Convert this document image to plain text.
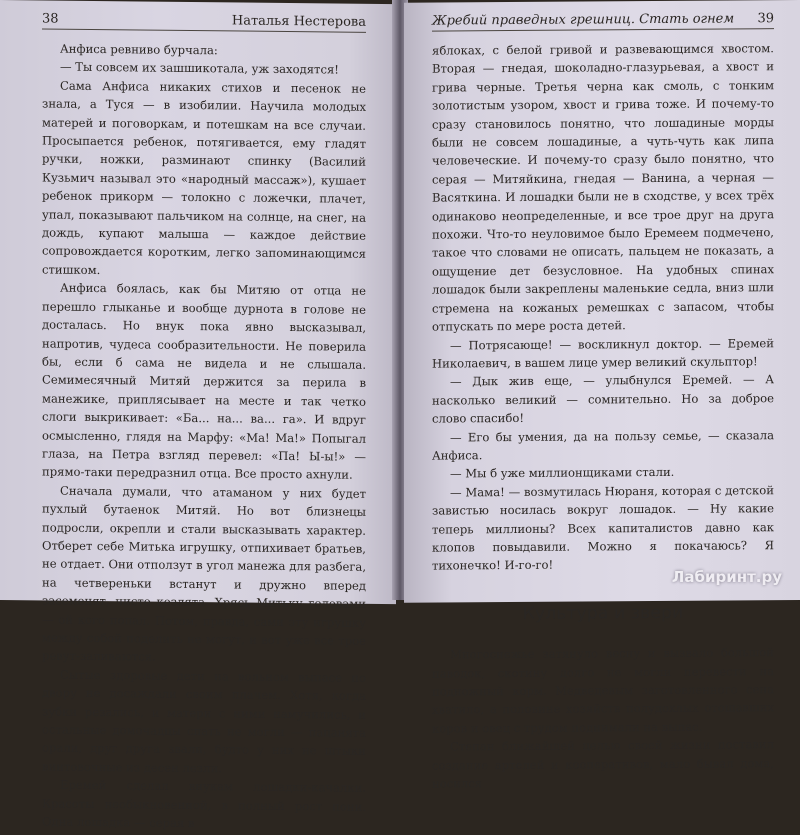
38	Наталья Нестерова

Анфиса ревниво бурчала:

— Ты совсем их зашшикотала, уж заходятся!

Сама Анфиса никаких стихов и песенок не знала, а Туся — в изобилии. Научила молодых матерей и поговоркам, и потешкам на все случаи. Просыпается ребенок, потягивается, ему гладят ручки, ножки, разминают спинку (Василий Кузьмич называл это «народный массаж»), кушает ребенок прикорм — толокно с ложечки, плачет, упал, показывают пальчиком на солнце, на снег, на дождь, купают малыша — каждое действие сопровождается коротким, легко запоминающимся стишком.

Анфиса боялась, как бы Митяю от отца не перешло глыканье и вообще дурнота в голове не досталась. Но внук пока явно высказывал, напротив, чудеса сообразительности. Не поверила бы, если б сама не видела и не слышала. Семимесячный Митяй держится за перила в манежике, приплясывает на месте и так четко слоги выкрикивает: «Ба... на... ва... га». И вдруг осмысленно, глядя на Марфу: «Ма! Ма!» Попыгал глаза, на Петра взгляд перевел: «Па! Ы-ы!» — прямо-таки передразнил отца. Все просто ахнули.

Сначала думали, что атаманом у них будет пухлый бутаенок Митяй. Но вот близнецы подросли, окрепли и стали высказывать характер. Отберет себе Митька игрушку, отпихивает братьев, не отдает. Они отползут в угол манежа для разбега, на четвереньки встанут и дружно вперед засеменят, чисто козлята. Хрясь Митьку головами — ой кого попал. Потом, правда, сами эту игрушку между собой поделить не могут, и вот уже все трое ревут-заливаются.

Сытые здоровые дети на вольном выпасе по двору не досаждали своим плачем. Хотя, когда зубки резались, и матери с ними намучились, и остальные домочадцы спать не могли — пацанята орали, друг друга звали, будто у них не штыки винтовочные из десен лезли.

Еремей сделал внукам лошадки-качалки. Красоты необыкновенной, в полный рост пони. Одна лошадка — серая в

Жребий праведных грешниц. Стать огнем 39

яблоках, с белой гривой и развевающимся хвостом. Вторая — гнедая, шоколадно-глазурьевая, а хвост и грива черные. Третья черна как смоль, с тонким золотистым узором, хвост и грива тоже. И почему-то сразу становилось понятно, что лошадиные морды были не совсем лошадиные, а чуть-чуть как липа человеческие. И почему-то сразу было понятно, что серая — Митяйкина, гнедая — Ванина, а черная — Васяткина. И лошадки были не в сходстве, у всех трёх одинаково неопределенные, и все трое друг на друга похожи. Что-то неуловимое было Еремеем подмечено, такое что словами не описать, пальцем не показать, а ощущение дет безусловное. На удобных спинах лошадок были закреплены маленькие седла, вниз шли стремена на кожаных ремешках с запасом, чтобы отпускать по мере роста детей.

— Потрясающе! — воскликнул доктор. — Еремей Николаевич, в вашем лице умер великий скульптор!

— Дык жив еще, — улыбнулся Еремей. — А насколько великий — сомнительно. Но за доброе слово спасибо!

— Его бы умения, да на пользу семье, — сказала Анфиса.

— Мы б уже миллионщиками стали.

— Мама! — возмутилась Нюраня, которая с детской завистью носилась вокруг лошадок. — Ну какие теперь миллионы? Всех капиталистов давно как клопов повыдавили. Можно я покачаюсь? Я тихонечко! И-го-го!

Культура и звери

Многоснежье затянуло весну и вызвало большой паводок, скотину долго не могли перевести на подножный корм. Медведевым заготовленного сена хватило, а половине хозяйств полудохлых отощавших коров и овец с трудом поднимали на выпас.

Степан ближайшей целью своей жизни поставил создание артелей и кооперативов, мало бывал дома, носился

Лабиринт.ру
